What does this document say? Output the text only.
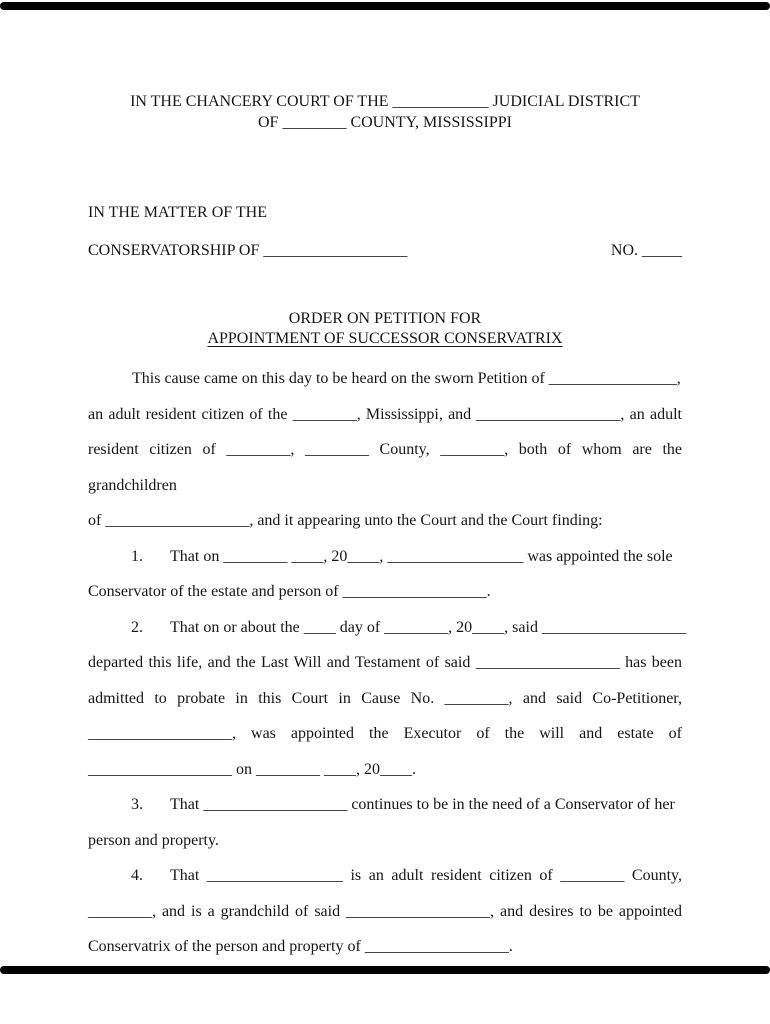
IN THE CHANCERY COURT OF THE ____________ JUDICIAL DISTRICT
OF ________ COUNTY, MISSISSIPPI
IN THE MATTER OF THE
CONSERVATORSHIP OF __________________	NO. _____
ORDER ON PETITION FOR
APPOINTMENT OF SUCCESSOR CONSERVATRIX
This cause came on this day to be heard on the sworn Petition of ________________,
an adult resident citizen of the ________, Mississippi, and __________________, an adult
resident citizen of ________, ________ County, ________, both of whom are the grandchildren
of __________________, and it appearing unto the Court and the Court finding:
1. That on ________ ____, 20____, _________________ was appointed the sole
Conservator of the estate and person of __________________.
2. That on or about the ____ day of ________, 20____, said __________________
departed this life, and the Last Will and Testament of said __________________ has been
admitted to probate in this Court in Cause No. ________, and said Co-Petitioner,
__________________, was appointed the Executor of the will and estate of
__________________ on ________ ____, 20____.
3. That __________________ continues to be in the need of a Conservator of her
person and property.
4. That _________________ is an adult resident citizen of ________ County,
________, and is a grandchild of said __________________, and desires to be appointed
Conservatrix of the person and property of __________________.
